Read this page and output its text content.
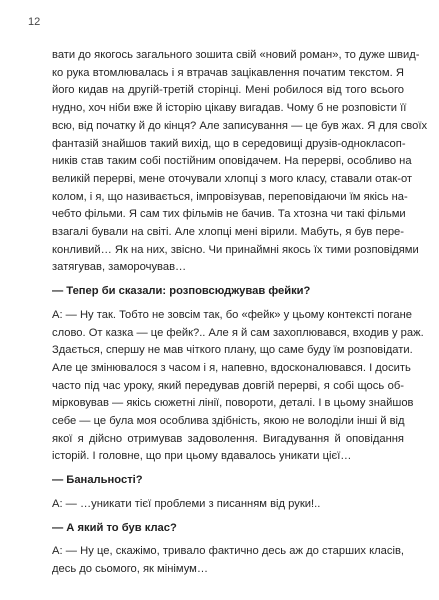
12
вати до якогось загального зошита свій «новий роман», то дуже швид-
ко рука втомлювалась і я втрачав зацікавлення початим текстом. Я
його кидав на другій-третій сторінці. Мені робилося від того всього
нудно, хоч ніби вже й історію цікаву вигадав. Чому б не розповісти її
всю, від початку й до кінця? Але записування — це був жах. Я для своїх
фантазій знайшов такий вихід, що в середовищі друзів-однокласоп-
ників став таким собі постійним оповідачем. На перерві, особливо на
великій перерві, мене оточували хлопці з мого класу, ставали отак-от
колом, і я, що називається, імпровізував, переповідаючи їм якісь на-
чебто фільми. Я сам тих фільмів не бачив. Та хтозна чи такі фільми
взагалі бували на світі. Але хлопці мені вірили. Мабуть, я був пере-
конливий… Як на них, звісно. Чи принаймні якось їх тими розповідями
затягував, заморочував…
— Тепер би сказали: розповсюджував фейки?
А: — Ну так. Тобто не зовсім так, бо «фейк» у цьому контексті погане
слово. От казка — це фейк?.. Але я й сам захоплювався, входив у раж.
Здається, спершу не мав чіткого плану, що саме буду їм розповідати.
Але це змінювалося з часом і я, напевно, вдосконалювався. І досить
часто під час уроку, який передував довгій перерві, я собі щось об-
мірковував — якісь сюжетні лінії, повороти, деталі. І в цьому знайшов
себе — це була моя особлива здібність, якою не володіли інші й від
якої я дійсно отримував задоволення. Вигадування й оповідання
історій. І головне, що при цьому вдавалось уникати цієї…
— Банальності?
А: — …уникати тієї проблеми з писанням від руки!..
— А який то був клас?
А: — Ну це, скажімо, тривало фактично десь аж до старших класів,
десь до сьомого, як мінімум…
